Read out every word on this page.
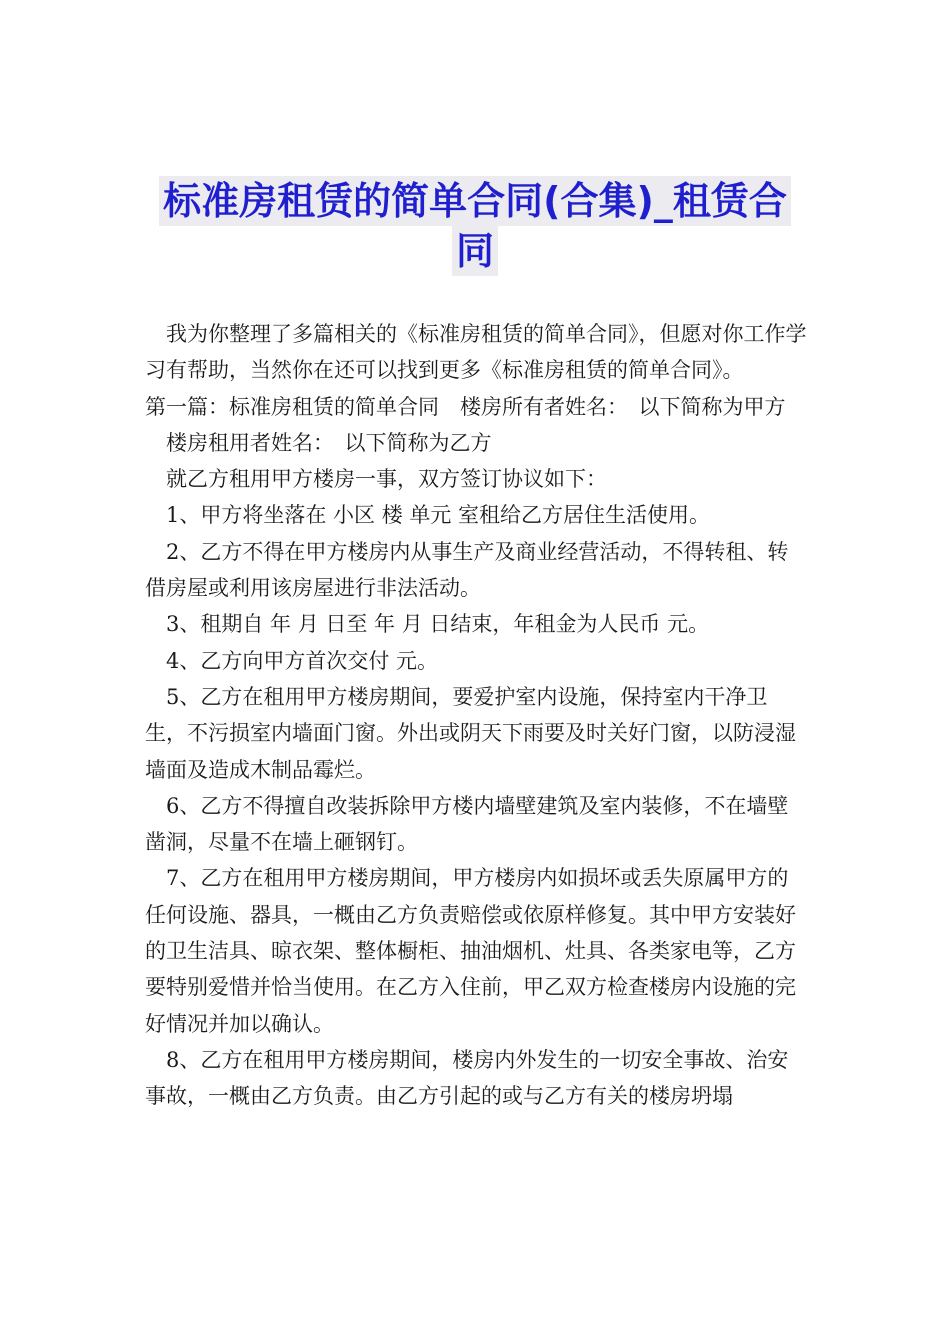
标准房租赁的简单合同(合集)_租赁合
同

我为你整理了多篇相关的《标准房租赁的简单合同》，但愿对你工作学习有帮助，当然你在还可以找到更多《标准房租赁的简单合同》。

第一篇：标准房租赁的简单合同　楼房所有者姓名：　以下简称为甲方

楼房租用者姓名：　以下简称为乙方

就乙方租用甲方楼房一事，双方签订协议如下：

1、甲方将坐落在 小区 楼 单元 室租给乙方居住生活使用。

2、乙方不得在甲方楼房内从事生产及商业经营活动，不得转租、转借房屋或利用该房屋进行非法活动。

3、租期自 年 月 日至 年 月 日结束，年租金为人民币 元。

4、乙方向甲方首次交付 元。

5、乙方在租用甲方楼房期间，要爱护室内设施，保持室内干净卫生，不污损室内墙面门窗。外出或阴天下雨要及时关好门窗，以防浸湿墙面及造成木制品霉烂。

6、乙方不得擅自改装拆除甲方楼内墙壁建筑及室内装修，不在墙壁凿洞，尽量不在墙上砸钢钉。

7、乙方在租用甲方楼房期间，甲方楼房内如损坏或丢失原属甲方的任何设施、器具，一概由乙方负责赔偿或依原样修复。其中甲方安装好的卫生洁具、晾衣架、整体橱柜、抽油烟机、灶具、各类家电等，乙方要特别爱惜并恰当使用。在乙方入住前，甲乙双方检查楼房内设施的完好情况并加以确认。

8、乙方在租用甲方楼房期间，楼房内外发生的一切安全事故、治安事故，一概由乙方负责。由乙方引起的或与乙方有关的楼房坍塌
